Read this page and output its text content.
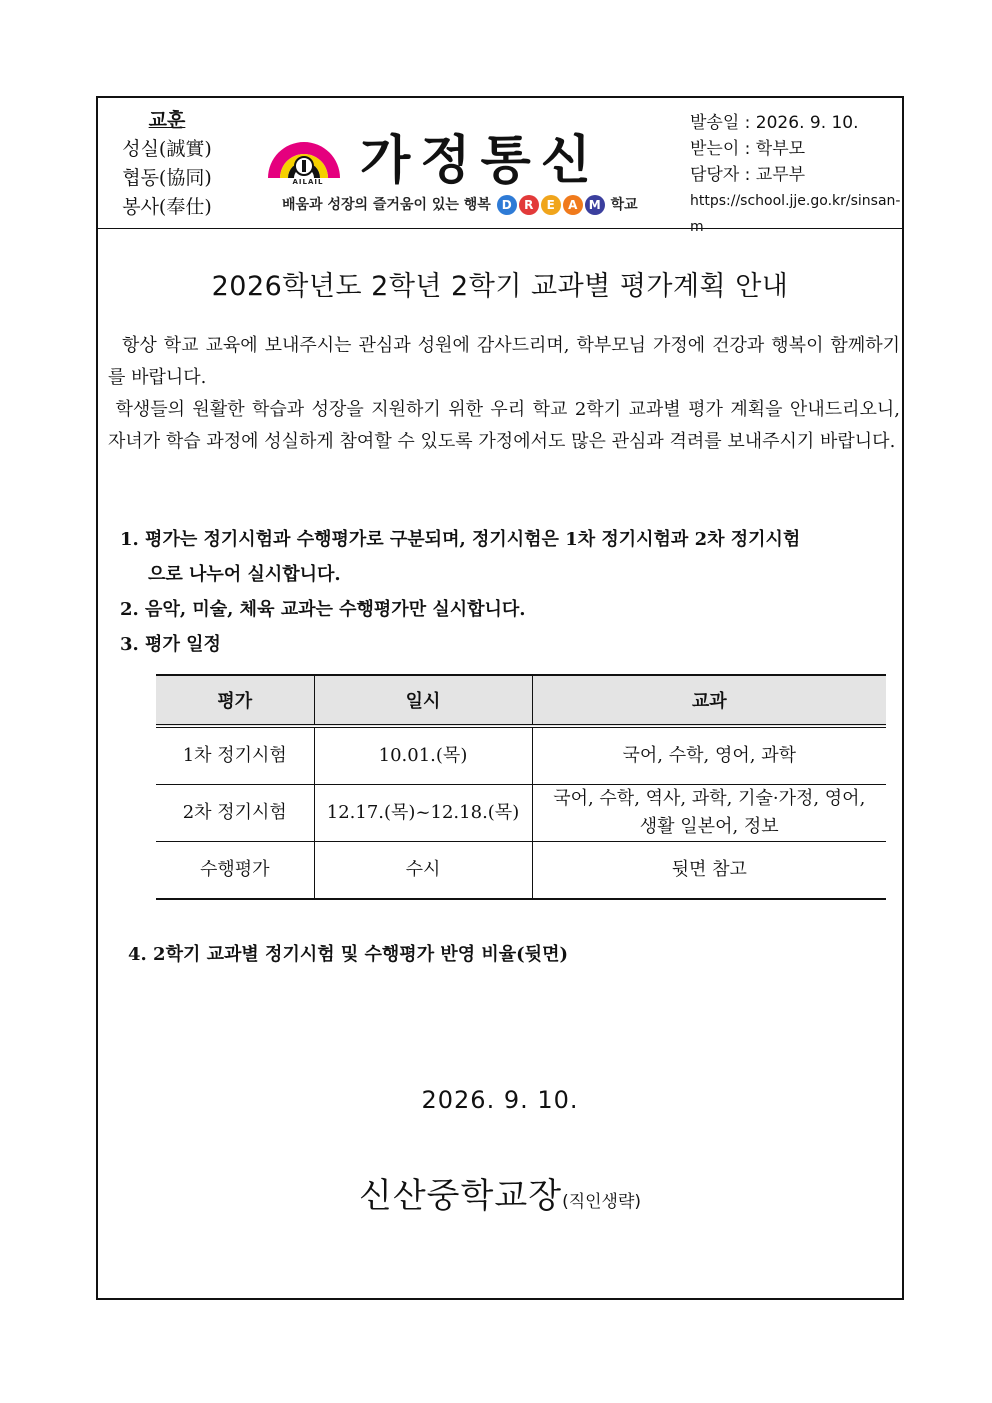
교훈
성실(誠實)
협동(協同)
봉사(奉仕)
AILAIL 가정통신
배움과 성장의 즐거움이 있는 행복 D R E A M 학교
발송일 : 2026. 9. 10.
받는이 : 학부모
담당자 : 교무부
https://school.jje.go.kr/sinsan-m
2026학년도 2학년 2학기 교과별 평가계획 안내

항상 학교 교육에 보내주시는 관심과 성원에 감사드리며, 학부모님 가정에 건강과 행복이 함께하기를 바랍니다.

학생들의 원활한 학습과 성장을 지원하기 위한 우리 학교 2학기 교과별 평가 계획을 안내드리오니, 자녀가 학습 과정에 성실하게 참여할 수 있도록 가정에서도 많은 관심과 격려를 보내주시기 바랍니다.

1. 평가는 정기시험과 수행평가로 구분되며, 정기시험은 1차 정기시험과 2차 정기시험
으로 나누어 실시합니다.
2. 음악, 미술, 체육 교과는 수행평가만 실시합니다.
3. 평가 일정
평가	일시	교과
1차 정기시험	10.01.(목)	국어, 수학, 영어, 과학
2차 정기시험	12.17.(목)~12.18.(목)	국어, 수학, 역사, 과학, 기술·가정, 영어, 생활 일본어, 정보
수행평가	수시	뒷면 참고
4. 2학기 교과별 정기시험 및 수행평가 반영 비율(뒷면)
2026. 9. 10.
신산중학교장(직인생략)
